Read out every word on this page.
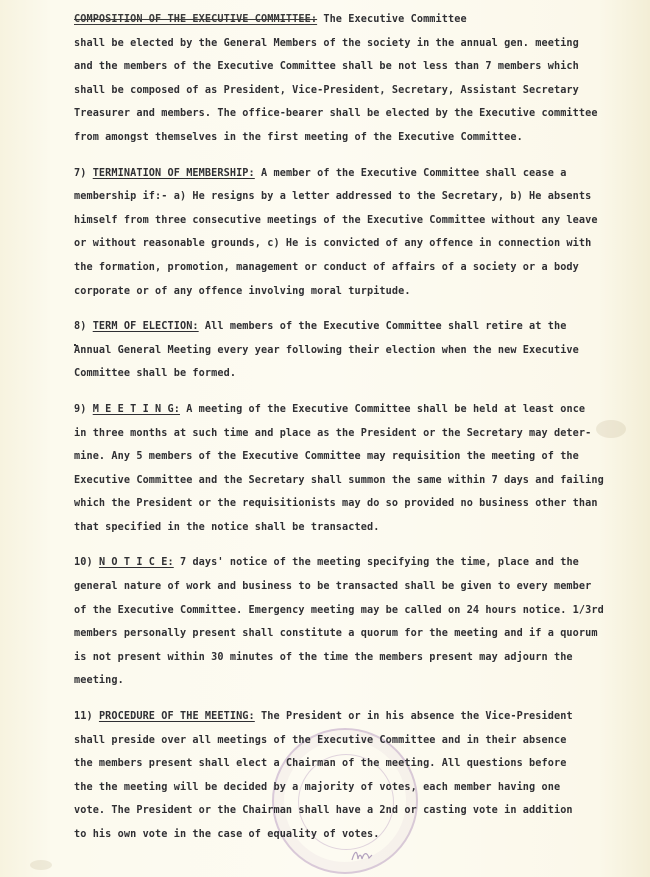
COMPOSITION OF THE EXECUTIVE COMMITTEE: The Executive Committee
shall be elected by the General Members of the society in the annual gen. meeting
and the members of the Executive Committee shall be not less than 7 members which
shall be composed of as President, Vice-President, Secretary, Assistant Secretary
Treasurer and members. The office-bearer shall be elected by the Executive committee
from amongst themselves in the first meeting of the Executive Committee.
7) TERMINATION OF MEMBERSHIP: A member of the Executive Committee shall cease a
membership if:- a) He resigns by a letter addressed to the Secretary, b) He absents
himself from three consecutive meetings of the Executive Committee without any leave
or without reasonable grounds, c) He is convicted of any offence in connection with
the formation, promotion, management or conduct of affairs of a society or a body
corporate or of any offence involving moral turpitude.
8) TERM OF ELECTION: All members of the Executive Committee shall retire at the
Annual General Meeting every year following their election when the new Executive
Committee shall be formed.
9) M E E T I N G: A meeting of the Executive Committee shall be held at least once
in three months at such time and place as the President or the Secretary may deter-
mine. Any 5 members of the Executive Committee may requisition the meeting of the
Executive Committee and the Secretary shall summon the same within 7 days and failing
which the President or the requisitionists may do so provided no business other than
that specified in the notice shall be transacted.
10) N O T I C E: 7 days' notice of the meeting specifying the time, place and the
general nature of work and business to be transacted shall be given to every member
of the Executive Committee. Emergency meeting may be called on 24 hours notice. 1/3rd
members personally present shall constitute a quorum for the meeting and if a quorum
is not present within 30 minutes of the time the members present may adjourn the
meeting.
11) PROCEDURE OF THE MEETING: The President or in his absence the Vice-President
shall preside over all meetings of the Executive Committee and in their absence
the members present shall elect a Chairman of the meeting. All questions before
the the meeting will be decided by a majority of votes, each member having one
vote. The President or the Chairman shall have a 2nd or casting vote in addition
to his own vote in the case of equality of votes.
